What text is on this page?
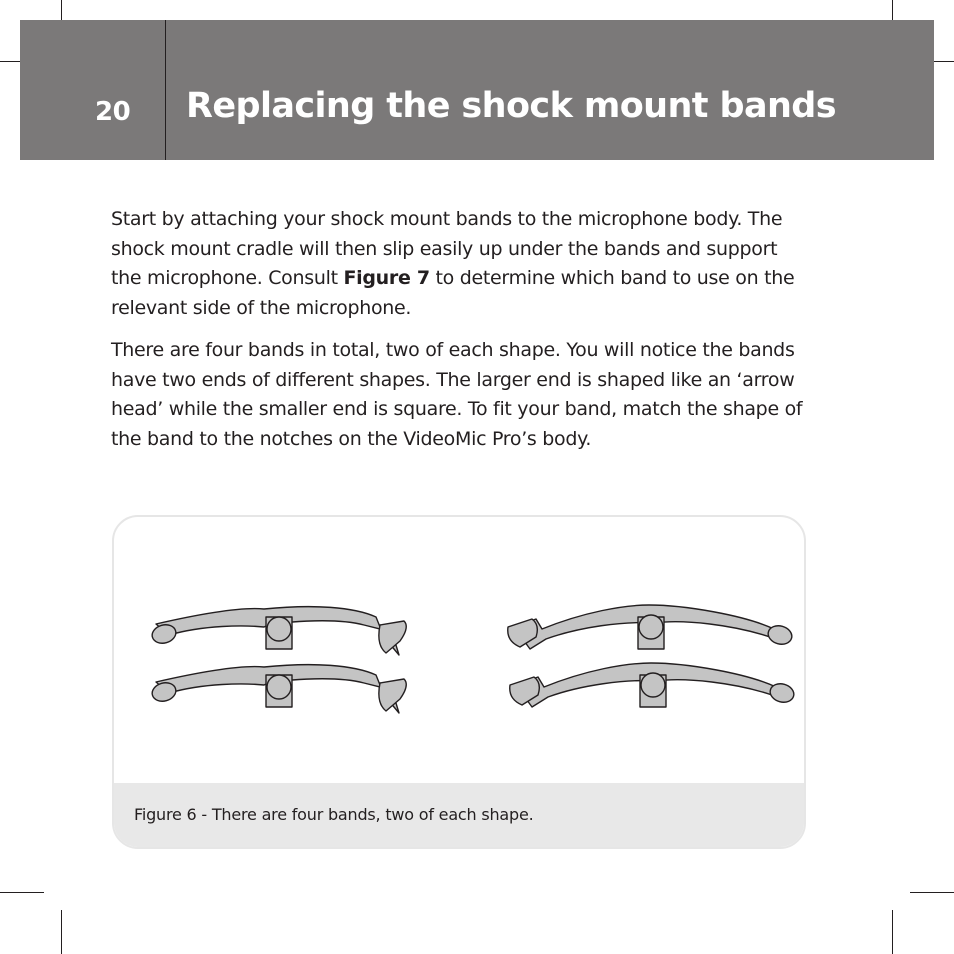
20 Replacing the shock mount bands

Start by attaching your shock mount bands to the microphone body. The shock mount cradle will then slip easily up under the bands and support the microphone. Consult Figure 7 to determine which band to use on the relevant side of the microphone.

There are four bands in total, two of each shape. You will notice the bands have two ends of different shapes. The larger end is shaped like an ‘arrow head’ while the smaller end is square. To fit your band, match the shape of the band to the notches on the VideoMic Pro’s body.

Figure 6 - There are four bands, two of each shape.
